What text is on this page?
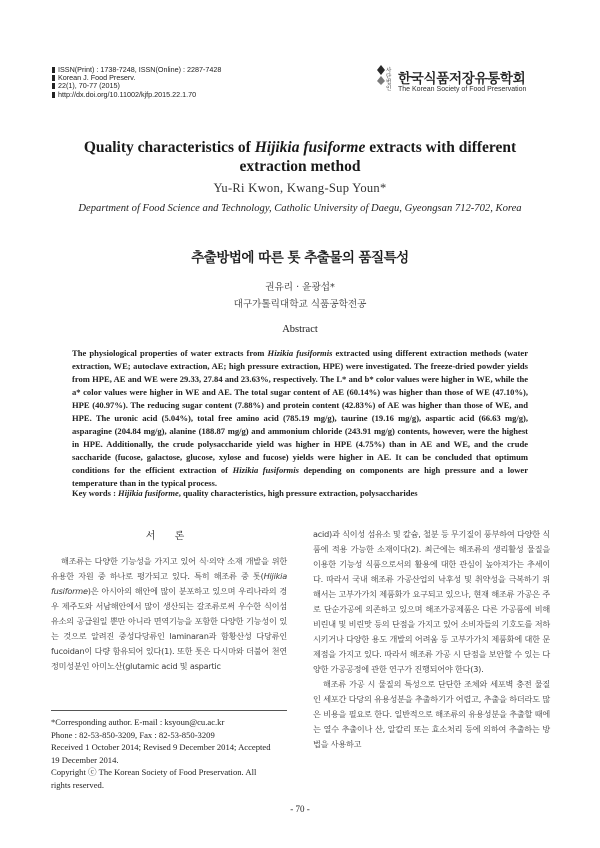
ISSN(Print) : 1738-7248, ISSN(Online) : 2287-7428
Korean J. Food Preserv.
22(1), 70-77 (2015)
http://dx.doi.org/10.11002/kjfp.2015.22.1.70
사단
법인
한국식품저장유통학회
The Korean Society of Food Preservation
Quality characteristics of Hijikia fusiforme extracts with different
extraction method
Yu-Ri Kwon, Kwang-Sup Youn*
Department of Food Science and Technology, Catholic University of Daegu, Gyeongsan 712-702, Korea
추출방법에 따른 톳 추출물의 품질특성
권유리 · 윤광섭*
대구가톨릭대학교 식품공학전공
Abstract
The physiological properties of water extracts from Hizikia fusiformis extracted using different extraction methods (water extraction, WE; autoclave extraction, AE; high pressure extraction, HPE) were investigated. The freeze-dried powder yields from HPE, AE and WE were 29.33, 27.84 and 23.63%, respectively. The L* and b* color values were higher in WE, while the a* color values were higher in WE and AE. The total sugar content of AE (60.14%) was higher than those of WE (47.10%), HPE (40.97%). The reducing sugar content (7.88%) and protein content (42.83%) of AE was higher than those of WE, and HPE. The uronic acid (5.04%), total free amino acid (785.19 mg/g), taurine (19.16 mg/g), aspartic acid (66.63 mg/g), asparagine (204.84 mg/g), alanine (188.87 mg/g) and ammonium chloride (243.91 mg/g) contents, however, were the highest in HPE. Additionally, the crude polysaccharide yield was higher in HPE (4.75%) than in AE and WE, and the crude saccharide (fucose, galactose, glucose, xylose and fucose) yields were higher in AE. It can be concluded that optimum conditions for the efficient extraction of Hizikia fusiformis depending on components are high pressure and a lower temperature than in the typical process.
Key words : Hijikia fusiforme, quality characteristics, high pressure extraction, polysaccharides
서 론

해조류는 다양한 기능성을 가지고 있어 식·의약 소재 개발을 위한 유용한 자원 중 하나로 평가되고 있다. 특히 해조류 중 톳(Hijikia fusiforme)은 아시아의 해안에 많이 분포하고 있으며 우리나라의 경우 제주도와 서남해안에서 많이 생산되는 갈조류로써 우수한 식이섬유소의 공급원일 뿐만 아니라 면역기능을 포함한 다양한 기능성이 있는 것으로 알려진 중성다당류인 laminaran과 함황산성 다당류인 fucoidan이 다량 함유되어 있다(1). 또한 톳은 다시마와 더불어 천연 정미성분인 아미노산(glutamic acid 및 aspartic

acid)과 식이성 섬유소 및 칼슘, 철분 등 무기질이 풍부하여 다양한 식품에 적용 가능한 소재이다(2). 최근에는 해조류의 생리활성 물질을 이용한 기능성 식품으로서의 활용에 대한 관심이 높아져가는 추세이다. 따라서 국내 해조류 가공산업의 낙후성 및 취약성을 극복하기 위해서는 고부가가치 제품화가 요구되고 있으나, 현재 해조류 가공은 주로 단순가공에 의존하고 있으며 해조가공제품은 다른 가공품에 비해 비린내 및 비린맛 등의 단점을 가지고 있어 소비자들의 기호도를 저하시키거나 다양한 용도 개발의 어려움 등 고부가가치 제품화에 대한 문제점을 가지고 있다. 따라서 해조류 가공 시 단점을 보안할 수 있는 다양한 가공공정에 관한 연구가 진행되어야 한다(3).

해조류 가공 시 물질의 특성으로 단단한 조체와 세포벽 충전 물질인 세포간 다당의 유용성분을 추출하기가 어렵고, 추출을 하더라도 많은 비용을 필요로 한다. 일반적으로 해조류의 유용성분을 추출할 때에는 열수 추출이나 산, 알칼리 또는 효소처리 등에 의하여 추출하는 방법을 사용하고

*Corresponding author. E-mail : ksyoun@cu.ac.kr
Phone : 82-53-850-3209, Fax : 82-53-850-3209
Received 1 October 2014; Revised 9 December 2014; Accepted
19 December 2014.
Copyright ⓒ The Korean Society of Food Preservation. All
rights reserved.
- 70 -
